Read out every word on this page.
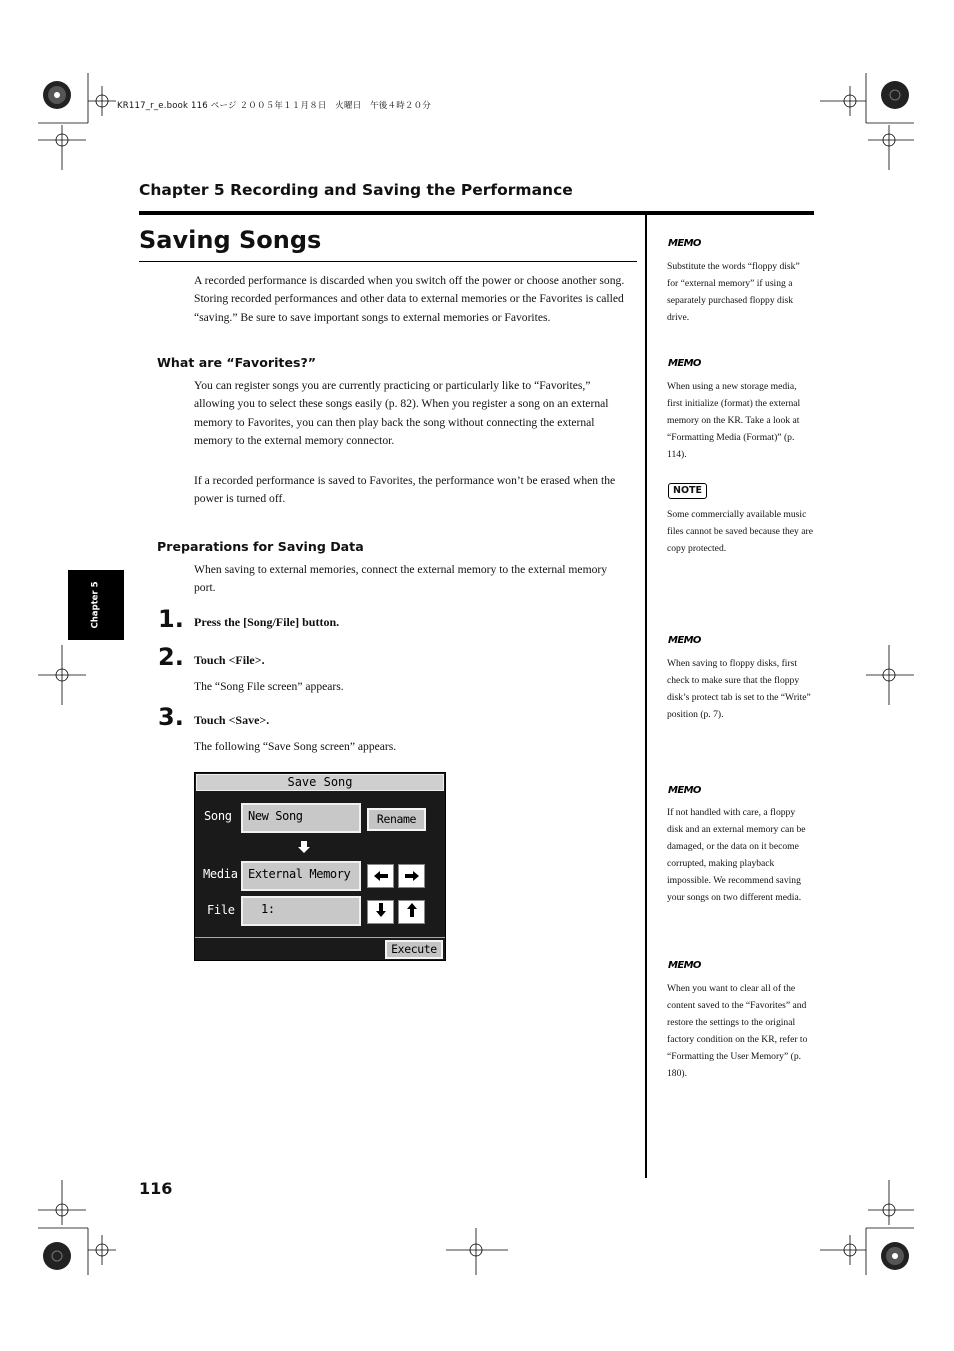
KR117_r_e.book 116 ページ ２００５年１１月８日　火曜日　午後４時２０分
Chapter 5 Recording and Saving the Performance
Saving Songs
A recorded performance is discarded when you switch off the power or choose another song. Storing recorded performances and other data to external memories or the Favorites is called “saving.” Be sure to save important songs to external memories or Favorites.
What are “Favorites?”
You can register songs you are currently practicing or particularly like to “Favorites,” allowing you to select these songs easily (p. 82). When you register a song on an external memory to Favorites, you can then play back the song without connecting the external memory to the external memory connector.
If a recorded performance is saved to Favorites, the performance won’t be erased when the power is turned off.
Preparations for Saving Data
When saving to external memories, connect the external memory to the external memory port.
1. Press the [Song/File] button.
2. Touch <File>.
The “Song File screen” appears.
3. Touch <Save>.
The following “Save Song screen” appears.
Save Song
Song	New Song	Rename
Media External Memory
File	1:
Execute
Chapter 5
116
MEMO
Substitute the words “floppy disk” for “external memory” if using a separately purchased floppy disk drive.
MEMO
When using a new storage media, first initialize (format) the external memory on the KR. Take a look at “Formatting Media (Format)” (p. 114).
NOTE
Some commercially available music files cannot be saved because they are copy protected.
MEMO
When saving to floppy disks, first check to make sure that the floppy disk’s protect tab is set to the “Write” position (p. 7).
MEMO
If not handled with care, a floppy disk and an external memory can be damaged, or the data on it become corrupted, making playback impossible. We recommend saving your songs on two different media.
MEMO
When you want to clear all of the content saved to the “Favorites” and restore the settings to the original factory condition on the KR, refer to “Formatting the User Memory” (p. 180).
